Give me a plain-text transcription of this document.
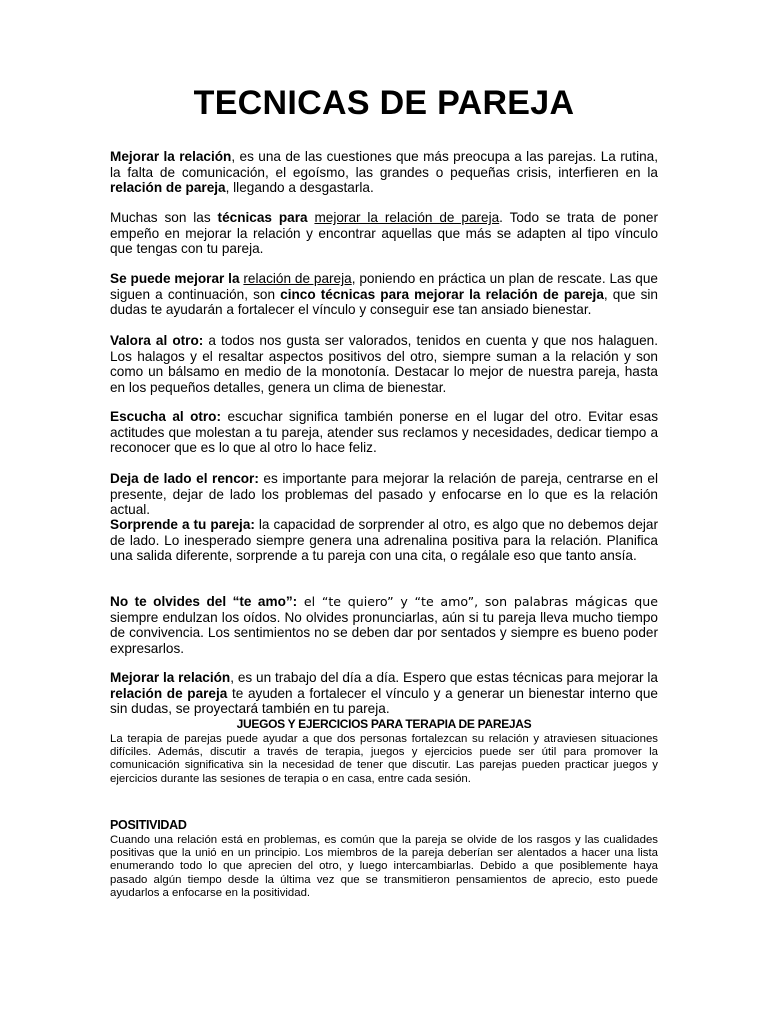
TECNICAS DE PAREJA

Mejorar la relación, es una de las cuestiones que más preocupa a las parejas. La rutina, la falta de comunicación, el egoísmo, las grandes o pequeñas crisis, interfieren en la relación de pareja, llegando a desgastarla.

Muchas son las técnicas para mejorar la relación de pareja. Todo se trata de poner empeño en mejorar la relación y encontrar aquellas que más se adapten al tipo vínculo que tengas con tu pareja.

Se puede mejorar la relación de pareja, poniendo en práctica un plan de rescate. Las que siguen a continuación, son cinco técnicas para mejorar la relación de pareja, que sin dudas te ayudarán a fortalecer el vínculo y conseguir ese tan ansiado bienestar.

Valora al otro: a todos nos gusta ser valorados, tenidos en cuenta y que nos halaguen. Los halagos y el resaltar aspectos positivos del otro, siempre suman a la relación y son como un bálsamo en medio de la monotonía. Destacar lo mejor de nuestra pareja, hasta en los pequeños detalles, genera un clima de bienestar.

Escucha al otro: escuchar significa también ponerse en el lugar del otro. Evitar esas actitudes que molestan a tu pareja, atender sus reclamos y necesidades, dedicar tiempo a reconocer que es lo que al otro lo hace feliz.

Deja de lado el rencor: es importante para mejorar la relación de pareja, centrarse en el presente, dejar de lado los problemas del pasado y enfocarse en lo que es la relación actual.

Sorprende a tu pareja: la capacidad de sorprender al otro, es algo que no debemos dejar de lado. Lo inesperado siempre genera una adrenalina positiva para la relación. Planifica una salida diferente, sorprende a tu pareja con una cita, o regálale eso que tanto ansía.

No te olvides del “te amo”: el “te quiero” y “te amo”, son palabras mágicas que siempre endulzan los oídos. No olvides pronunciarlas, aún si tu pareja lleva mucho tiempo de convivencia. Los sentimientos no se deben dar por sentados y siempre es bueno poder expresarlos.

Mejorar la relación, es un trabajo del día a día. Espero que estas técnicas para mejorar la relación de pareja te ayuden a fortalecer el vínculo y a generar un bienestar interno que sin dudas, se proyectará también en tu pareja.

JUEGOS Y EJERCICIOS PARA TERAPIA DE PAREJAS

La terapia de parejas puede ayudar a que dos personas fortalezcan su relación y atraviesen situaciones difíciles. Además, discutir a través de terapia, juegos y ejercicios puede ser útil para promover la comunicación significativa sin la necesidad de tener que discutir. Las parejas pueden practicar juegos y ejercicios durante las sesiones de terapia o en casa, entre cada sesión.

POSITIVIDAD

Cuando una relación está en problemas, es común que la pareja se olvide de los rasgos y las cualidades positivas que la unió en un principio. Los miembros de la pareja deberían ser alentados a hacer una lista enumerando todo lo que aprecien del otro, y luego intercambiarlas. Debido a que posiblemente haya pasado algún tiempo desde la última vez que se transmitieron pensamientos de aprecio, esto puede ayudarlos a enfocarse en la positividad.
